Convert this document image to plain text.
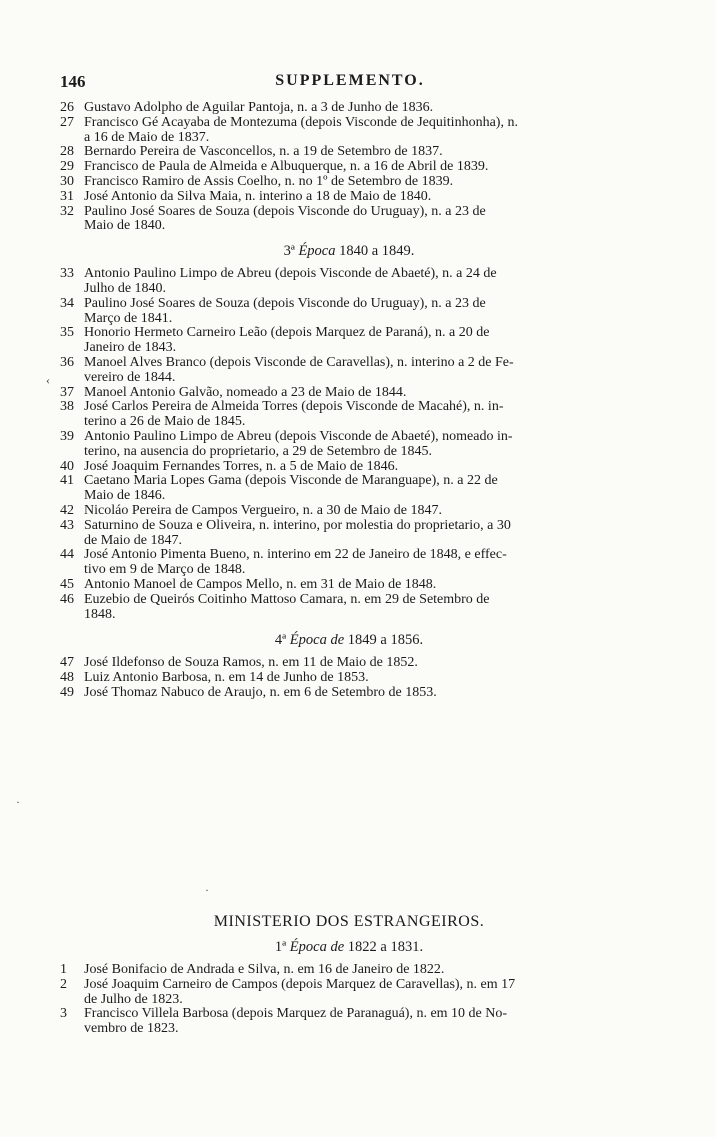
146	SUPPLEMENTO.

26 Gustavo Adolpho de Aguilar Pantoja, n. a 3 de Junho de 1836.

27 Francisco Gé Acayaba de Montezuma (depois Visconde de Jequitinhonha), n.
a 16 de Maio de 1837.

28 Bernardo Pereira de Vasconcellos, n. a 19 de Setembro de 1837.

29 Francisco de Paula de Almeida e Albuquerque, n. a 16 de Abril de 1839.

30 Francisco Ramiro de Assis Coelho, n. no 1º de Setembro de 1839.

31 José Antonio da Silva Maia, n. interino a 18 de Maio de 1840.

32 Paulino José Soares de Souza (depois Visconde do Uruguay), n. a 23 de
Maio de 1840.

3ª Época 1840 a 1849.

33 Antonio Paulino Limpo de Abreu (depois Visconde de Abaeté), n. a 24 de
Julho de 1840.

34 Paulino José Soares de Souza (depois Visconde do Uruguay), n. a 23 de
Março de 1841.

35 Honorio Hermeto Carneiro Leão (depois Marquez de Paraná), n. a 20 de
Janeiro de 1843.

36 Manoel Alves Branco (depois Visconde de Caravellas), n. interino a 2 de Fe-
vereiro de 1844.

37 Manoel Antonio Galvão, nomeado a 23 de Maio de 1844.

38 José Carlos Pereira de Almeida Torres (depois Visconde de Macahé), n. in-
terino a 26 de Maio de 1845.

39 Antonio Paulino Limpo de Abreu (depois Visconde de Abaeté), nomeado in-
terino, na ausencia do proprietario, a 29 de Setembro de 1845.

40 José Joaquim Fernandes Torres, n. a 5 de Maio de 1846.

41 Caetano Maria Lopes Gama (depois Visconde de Maranguape), n. a 22 de
Maio de 1846.

42 Nicoláo Pereira de Campos Vergueiro, n. a 30 de Maio de 1847.

43 Saturnino de Souza e Oliveira, n. interino, por molestia do proprietario, a 30
de Maio de 1847.

44 José Antonio Pimenta Bueno, n. interino em 22 de Janeiro de 1848, e effec-
tivo em 9 de Março de 1848.

45 Antonio Manoel de Campos Mello, n. em 31 de Maio de 1848.

46 Euzebio de Queirós Coitinho Mattoso Camara, n. em 29 de Setembro de
1848.

4ª Época de 1849 a 1856.

47 José Ildefonso de Souza Ramos, n. em 11 de Maio de 1852.

48 Luiz Antonio Barbosa, n. em 14 de Junho de 1853.

49 José Thomaz Nabuco de Araujo, n. em 6 de Setembro de 1853.

MINISTERIO DOS ESTRANGEIROS.
1ª Época de 1822 a 1831.

1 José Bonifacio de Andrada e Silva, n. em 16 de Janeiro de 1822.

2 José Joaquim Carneiro de Campos (depois Marquez de Caravellas), n. em 17
de Julho de 1823.

3 Francisco Villela Barbosa (depois Marquez de Paranaguá), n. em 10 de No-
vembro de 1823.

‹
·
·
